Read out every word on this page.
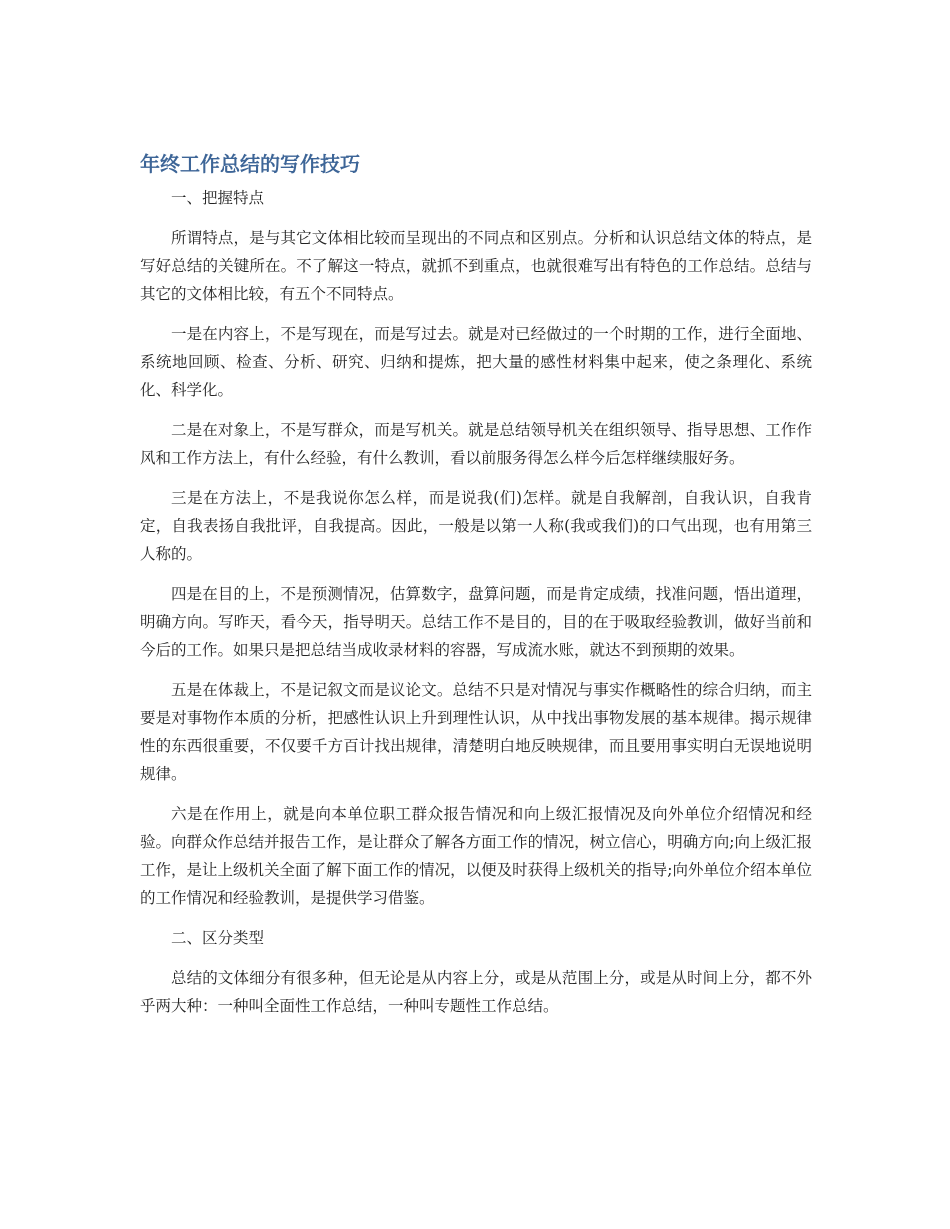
年终工作总结的写作技巧

一、把握特点

所谓特点，是与其它文体相比较而呈现出的不同点和区别点。分析和认识总结文体的特点，是写好总结的关键所在。不了解这一特点，就抓不到重点，也就很难写出有特色的工作总结。总结与其它的文体相比较，有五个不同特点。

一是在内容上，不是写现在，而是写过去。就是对已经做过的一个时期的工作，进行全面地、系统地回顾、检查、分析、研究、归纳和提炼，把大量的感性材料集中起来，使之条理化、系统化、科学化。

二是在对象上，不是写群众，而是写机关。就是总结领导机关在组织领导、指导思想、工作作风和工作方法上，有什么经验，有什么教训，看以前服务得怎么样今后怎样继续服好务。

三是在方法上，不是我说你怎么样，而是说我(们)怎样。就是自我解剖，自我认识，自我肯定，自我表扬自我批评，自我提高。因此，一般是以第一人称(我或我们)的口气出现，也有用第三人称的。

四是在目的上，不是预测情况，估算数字，盘算问题，而是肯定成绩，找准问题，悟出道理，明确方向。写昨天，看今天，指导明天。总结工作不是目的，目的在于吸取经验教训，做好当前和今后的工作。如果只是把总结当成收录材料的容器，写成流水账，就达不到预期的效果。

五是在体裁上，不是记叙文而是议论文。总结不只是对情况与事实作概略性的综合归纳，而主要是对事物作本质的分析，把感性认识上升到理性认识，从中找出事物发展的基本规律。揭示规律性的东西很重要，不仅要千方百计找出规律，清楚明白地反映规律，而且要用事实明白无误地说明规律。

六是在作用上，就是向本单位职工群众报告情况和向上级汇报情况及向外单位介绍情况和经验。向群众作总结并报告工作，是让群众了解各方面工作的情况，树立信心，明确方向;向上级汇报工作，是让上级机关全面了解下面工作的情况，以便及时获得上级机关的指导;向外单位介绍本单位的工作情况和经验教训，是提供学习借鉴。

二、区分类型

总结的文体细分有很多种，但无论是从内容上分，或是从范围上分，或是从时间上分，都不外乎两大种：一种叫全面性工作总结，一种叫专题性工作总结。
